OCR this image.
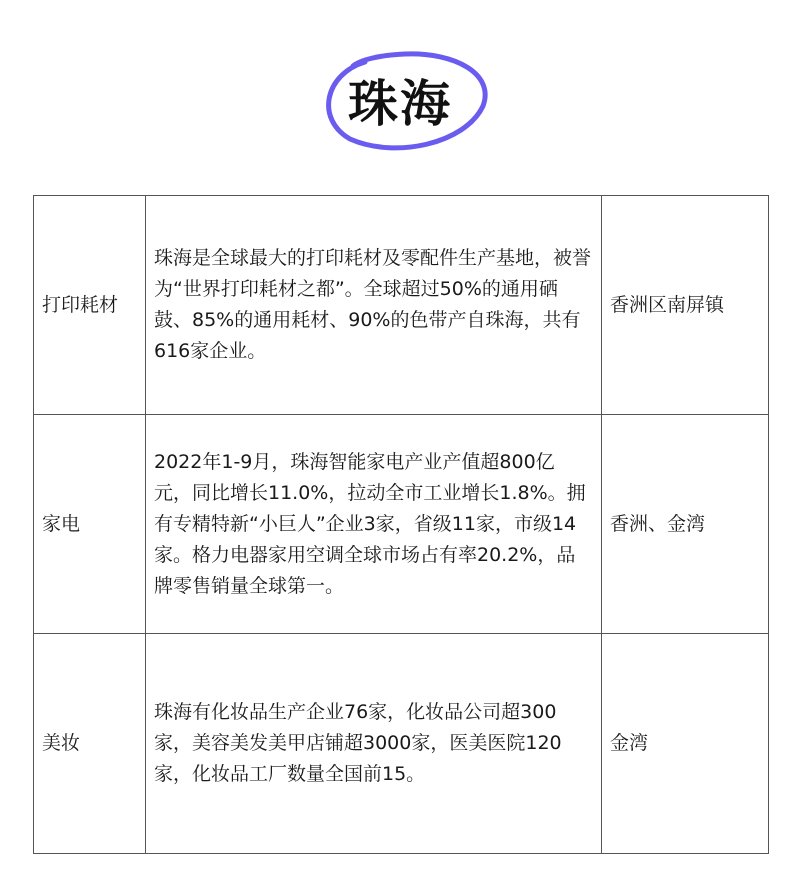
珠海
打印耗材	珠海是全球最大的打印耗材及零配件生产基地，被誉为“世界打印耗材之都”。全球超过50%的通用硒鼓、85%的通用耗材、90%的色带产自珠海，共有616家企业。	香洲区南屏镇
家电	2022年1-9月，珠海智能家电产业产值超800亿元，同比增长11.0%，拉动全市工业增长1.8%。拥有专精特新“小巨人”企业3家，省级11家，市级14家。格力电器家用空调全球市场占有率20.2%，品牌零售销量全球第一。	香洲、金湾
美妆	珠海有化妆品生产企业76家，化妆品公司超300家，美容美发美甲店铺超3000家，医美医院120家，化妆品工厂数量全国前15。	金湾
